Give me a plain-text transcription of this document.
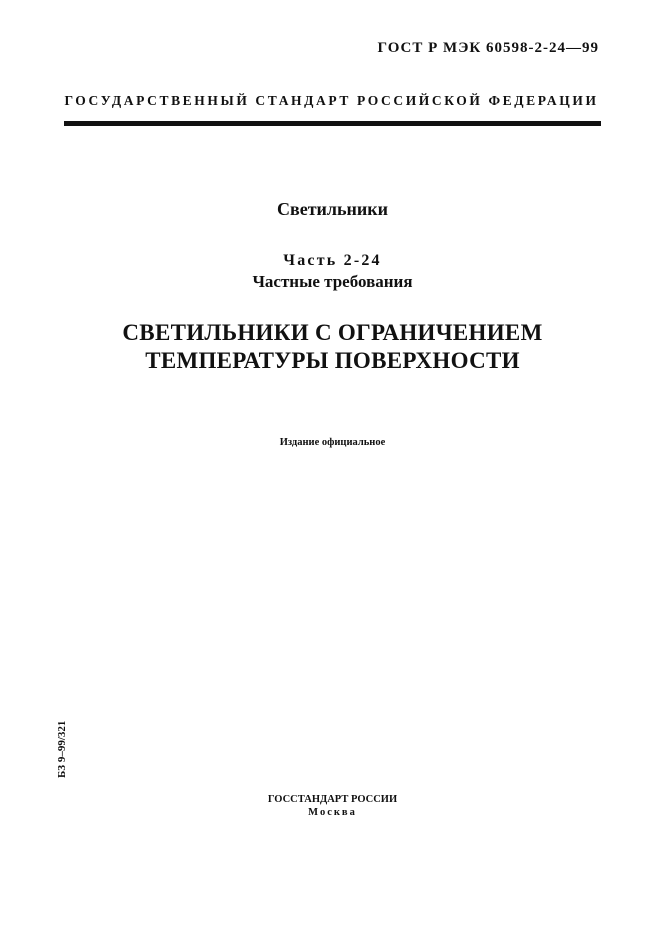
ГОСТ Р МЭК 60598-2-24—99
ГОСУДАРСТВЕННЫЙ СТАНДАРТ РОССИЙСКОЙ ФЕДЕРАЦИИ
Светильники
Часть 2-24
Частные требования
СВЕТИЛЬНИКИ С ОГРАНИЧЕНИЕМ
ТЕМПЕРАТУРЫ ПОВЕРХНОСТИ
Издание официальное
БЗ 9–99/321
ГОССТАНДАРТ РОССИИ
Москва
